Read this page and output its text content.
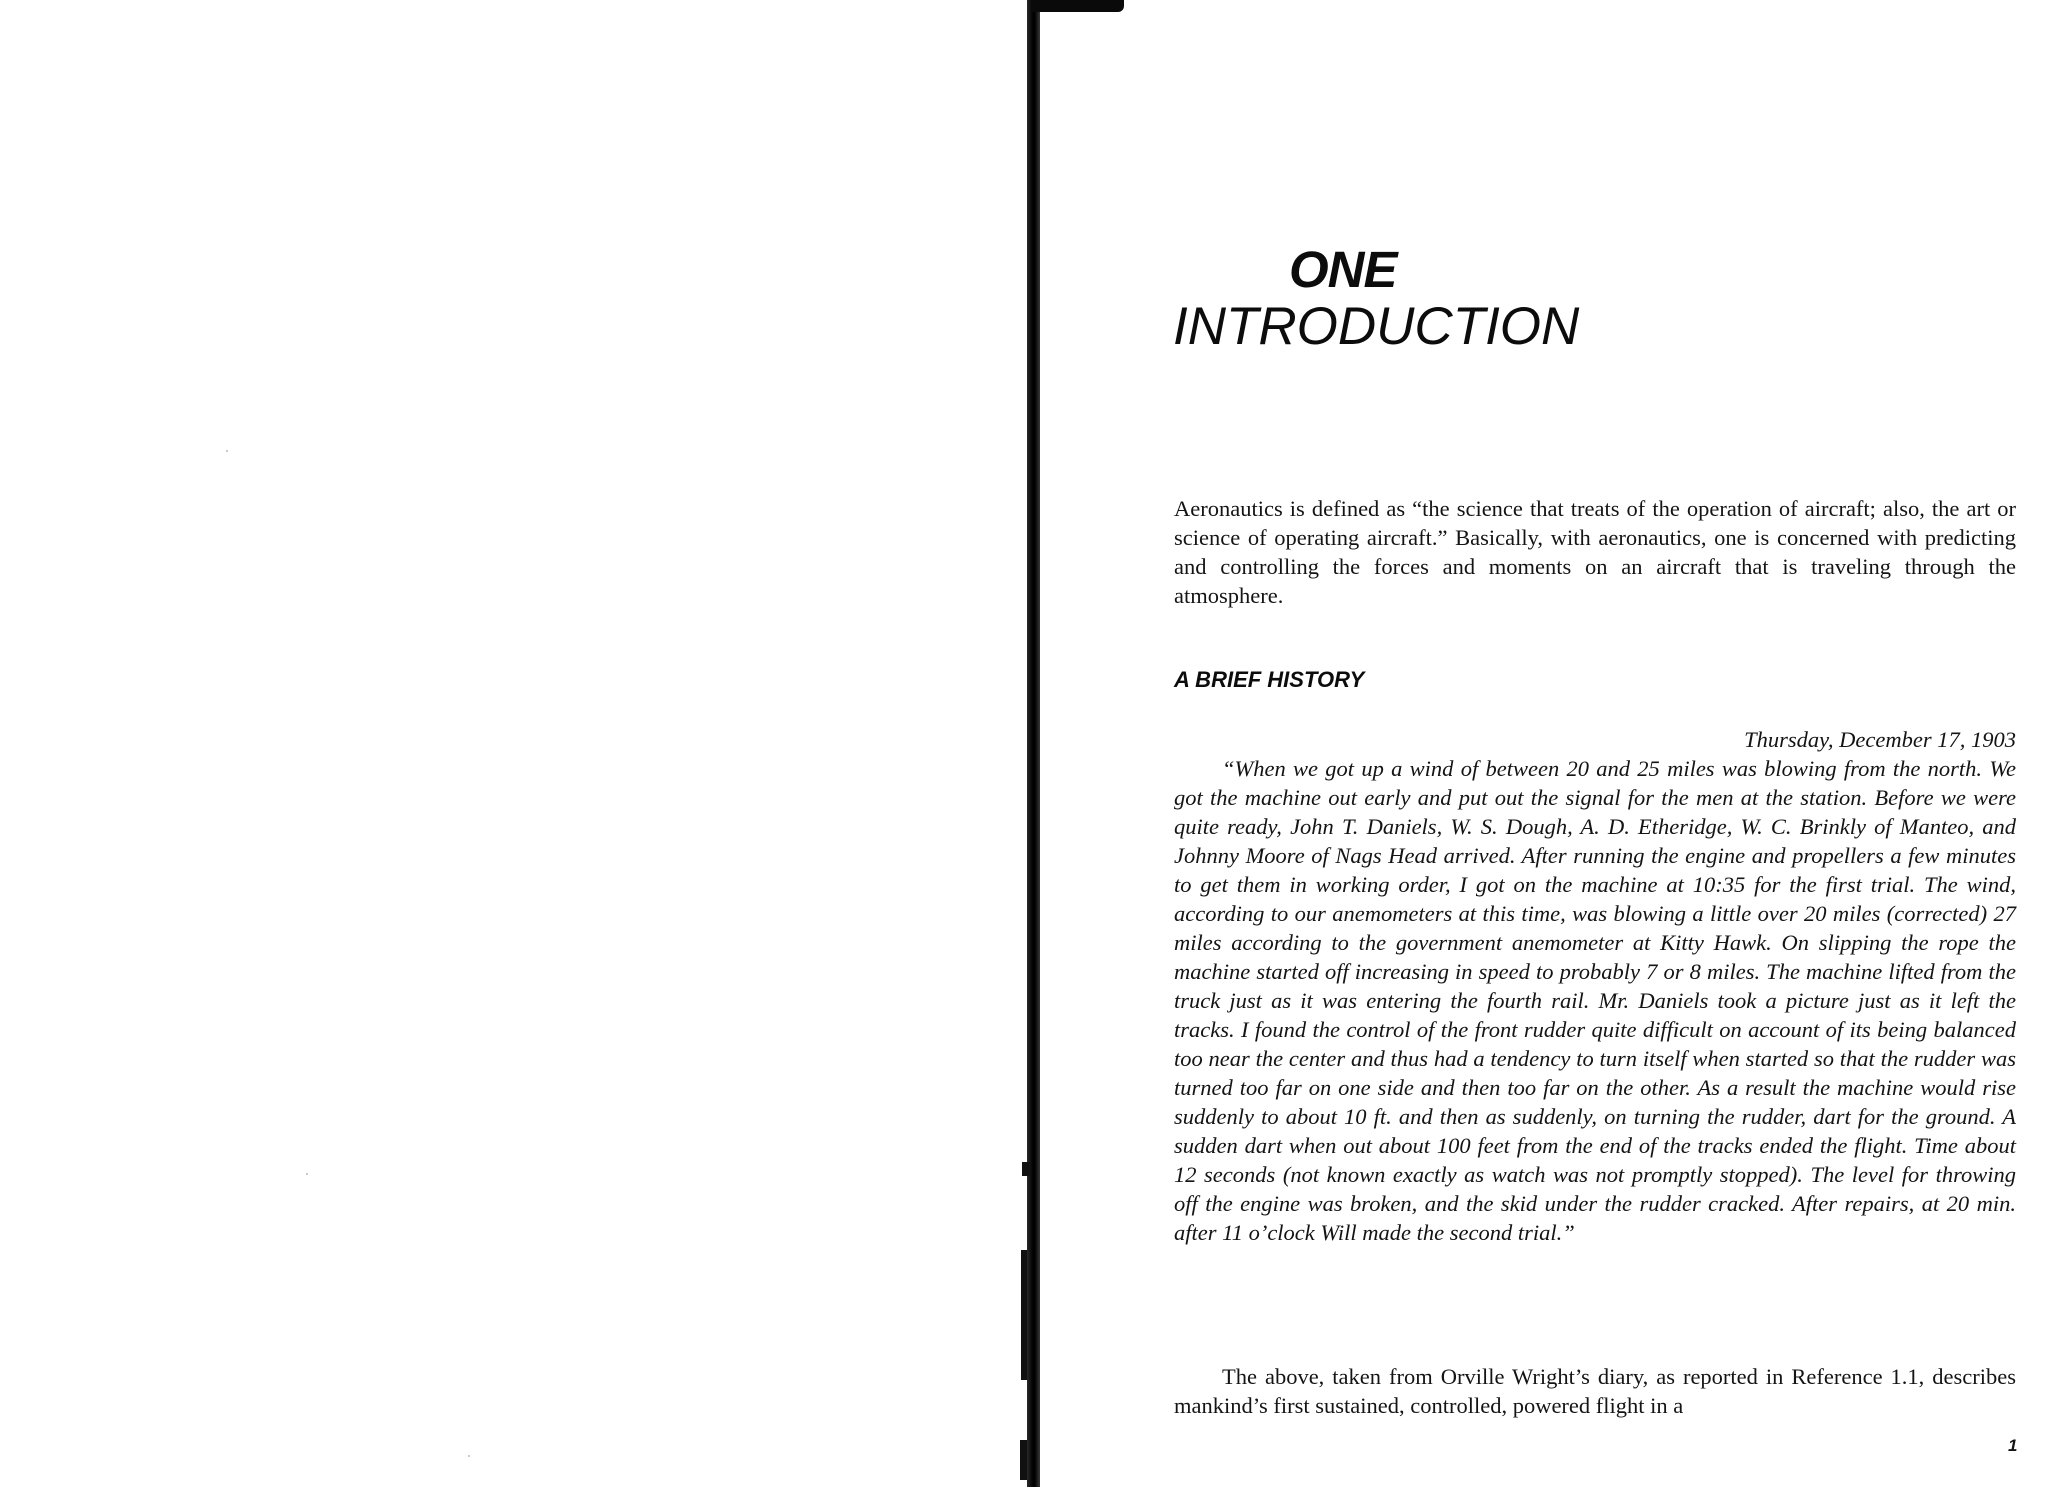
ONE
INTRODUCTION

Aeronautics is defined as “the science that treats of the operation of aircraft; also, the art or science of operating aircraft.” Basically, with aeronautics, one is concerned with predicting and controlling the forces and moments on an aircraft that is traveling through the atmosphere.

A BRIEF HISTORY
Thursday, December 17, 1903

“When we got up a wind of between 20 and 25 miles was blowing from the north. We got the machine out early and put out the signal for the men at the station. Before we were quite ready, John T. Daniels, W. S. Dough, A. D. Etheridge, W. C. Brinkly of Manteo, and Johnny Moore of Nags Head arrived. After running the engine and propellers a few minutes to get them in working order, I got on the machine at 10:35 for the first trial. The wind, according to our anemometers at this time, was blowing a little over 20 miles (corrected) 27 miles according to the government anemometer at Kitty Hawk. On slipping the rope the machine started off increasing in speed to probably 7 or 8 miles. The machine lifted from the truck just as it was entering the fourth rail. Mr. Daniels took a picture just as it left the tracks. I found the control of the front rudder quite difficult on account of its being balanced too near the center and thus had a tendency to turn itself when started so that the rudder was turned too far on one side and then too far on the other. As a result the machine would rise suddenly to about 10 ft. and then as suddenly, on turning the rudder, dart for the ground. A sudden dart when out about 100 feet from the end of the tracks ended the flight. Time about 12 seconds (not known exactly as watch was not promptly stopped). The level for throwing off the engine was broken, and the skid under the rudder cracked. After repairs, at 20 min. after 11 o’clock Will made the second trial.”

The above, taken from Orville Wright’s diary, as reported in Reference 1.1, describes mankind’s first sustained, controlled, powered flight in a

1
